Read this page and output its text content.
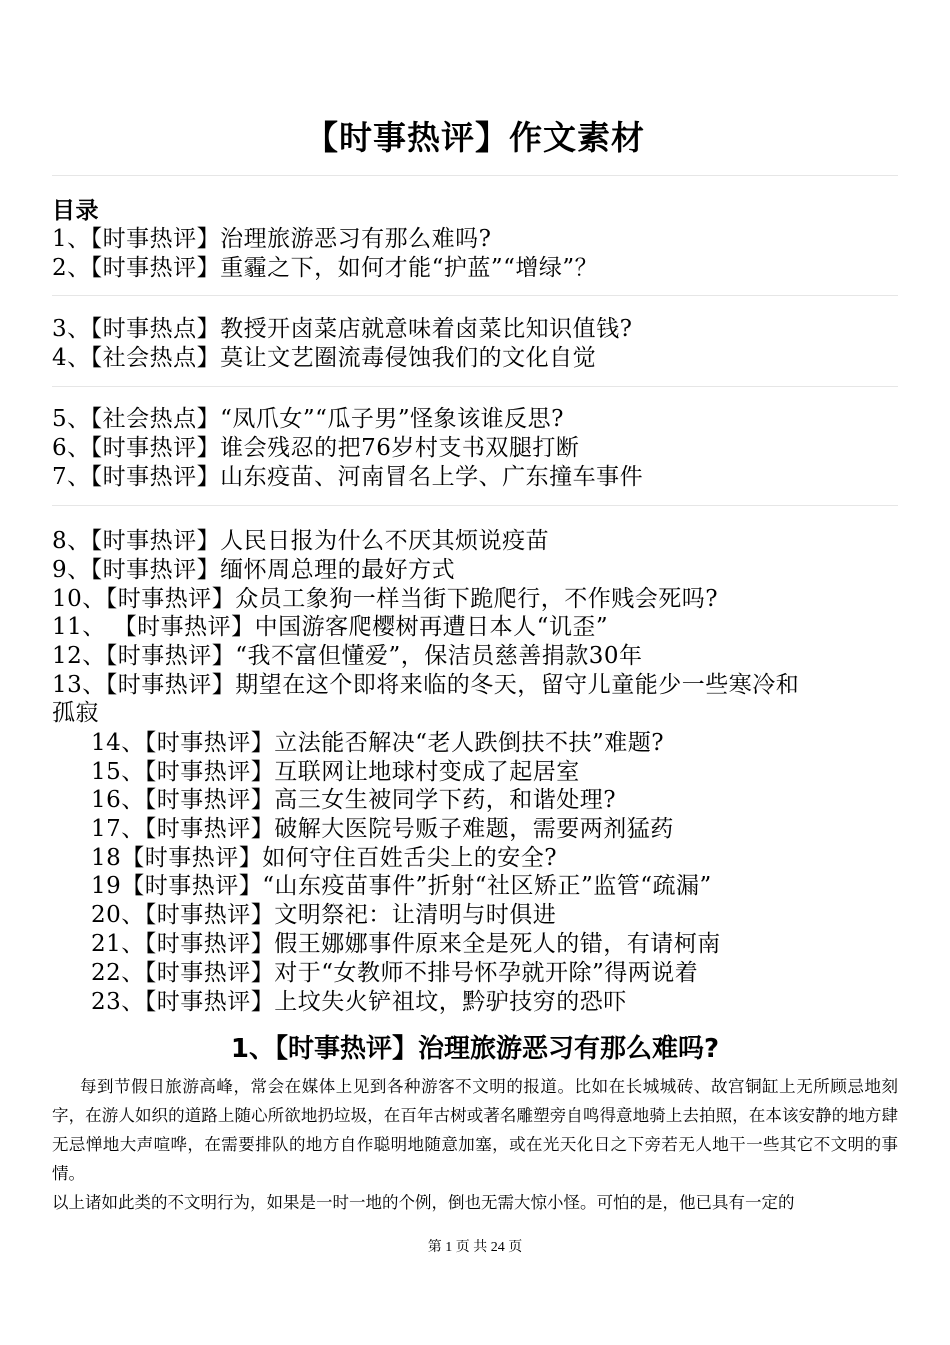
【时事热评】作文素材
目录
1、【时事热评】治理旅游恶习有那么难吗?
2、【时事热评】重霾之下，如何才能“护蓝”“增绿”？
3、【时事热点】教授开卤菜店就意味着卤菜比知识值钱?
4、【社会热点】莫让文艺圈流毒侵蚀我们的文化自觉
5、【社会热点】“凤爪女”“瓜子男”怪象该谁反思?
6、【时事热评】谁会残忍的把76岁村支书双腿打断
7、【时事热评】山东疫苗、河南冒名上学、广东撞车事件
8、【时事热评】人民日报为什么不厌其烦说疫苗
9、【时事热评】缅怀周总理的最好方式
10、【时事热评】众员工象狗一样当街下跪爬行，不作贱会死吗?
11、 【时事热评】中国游客爬樱树再遭日本人“讥歪”
12、【时事热评】“我不富但懂爱”，保洁员慈善捐款30年
13、【时事热评】期望在这个即将来临的冬天，留守儿童能少一些寒冷和
孤寂
14、【时事热评】立法能否解决“老人跌倒扶不扶”难题?
15、【时事热评】互联网让地球村变成了起居室
16、【时事热评】高三女生被同学下药，和谐处理?
17、【时事热评】破解大医院号贩子难题，需要两剂猛药
18【时事热评】如何守住百姓舌尖上的安全?
19【时事热评】“山东疫苗事件”折射“社区矫正”监管“疏漏”
20、【时事热评】文明祭祀：让清明与时俱进
21、【时事热评】假王娜娜事件原来全是死人的错，有请柯南
22、【时事热评】对于“女教师不排号怀孕就开除”得两说着
23、【时事热评】上坟失火铲祖坟，黔驴技穷的恐吓
1、【时事热评】治理旅游恶习有那么难吗?

每到节假日旅游高峰，常会在媒体上见到各种游客不文明的报道。比如在长城城砖、故宫铜缸上无所顾忌地刻字，在游人如织的道路上随心所欲地扔垃圾，在百年古树或著名雕塑旁自鸣得意地骑上去拍照，在本该安静的地方肆无忌惮地大声喧哗，在需要排队的地方自作聪明地随意加塞，或在光天化日之下旁若无人地干一些其它不文明的事情。

以上诸如此类的不文明行为，如果是一时一地的个例，倒也无需大惊小怪。可怕的是，他已具有一定的

第 1 页 共 24 页
